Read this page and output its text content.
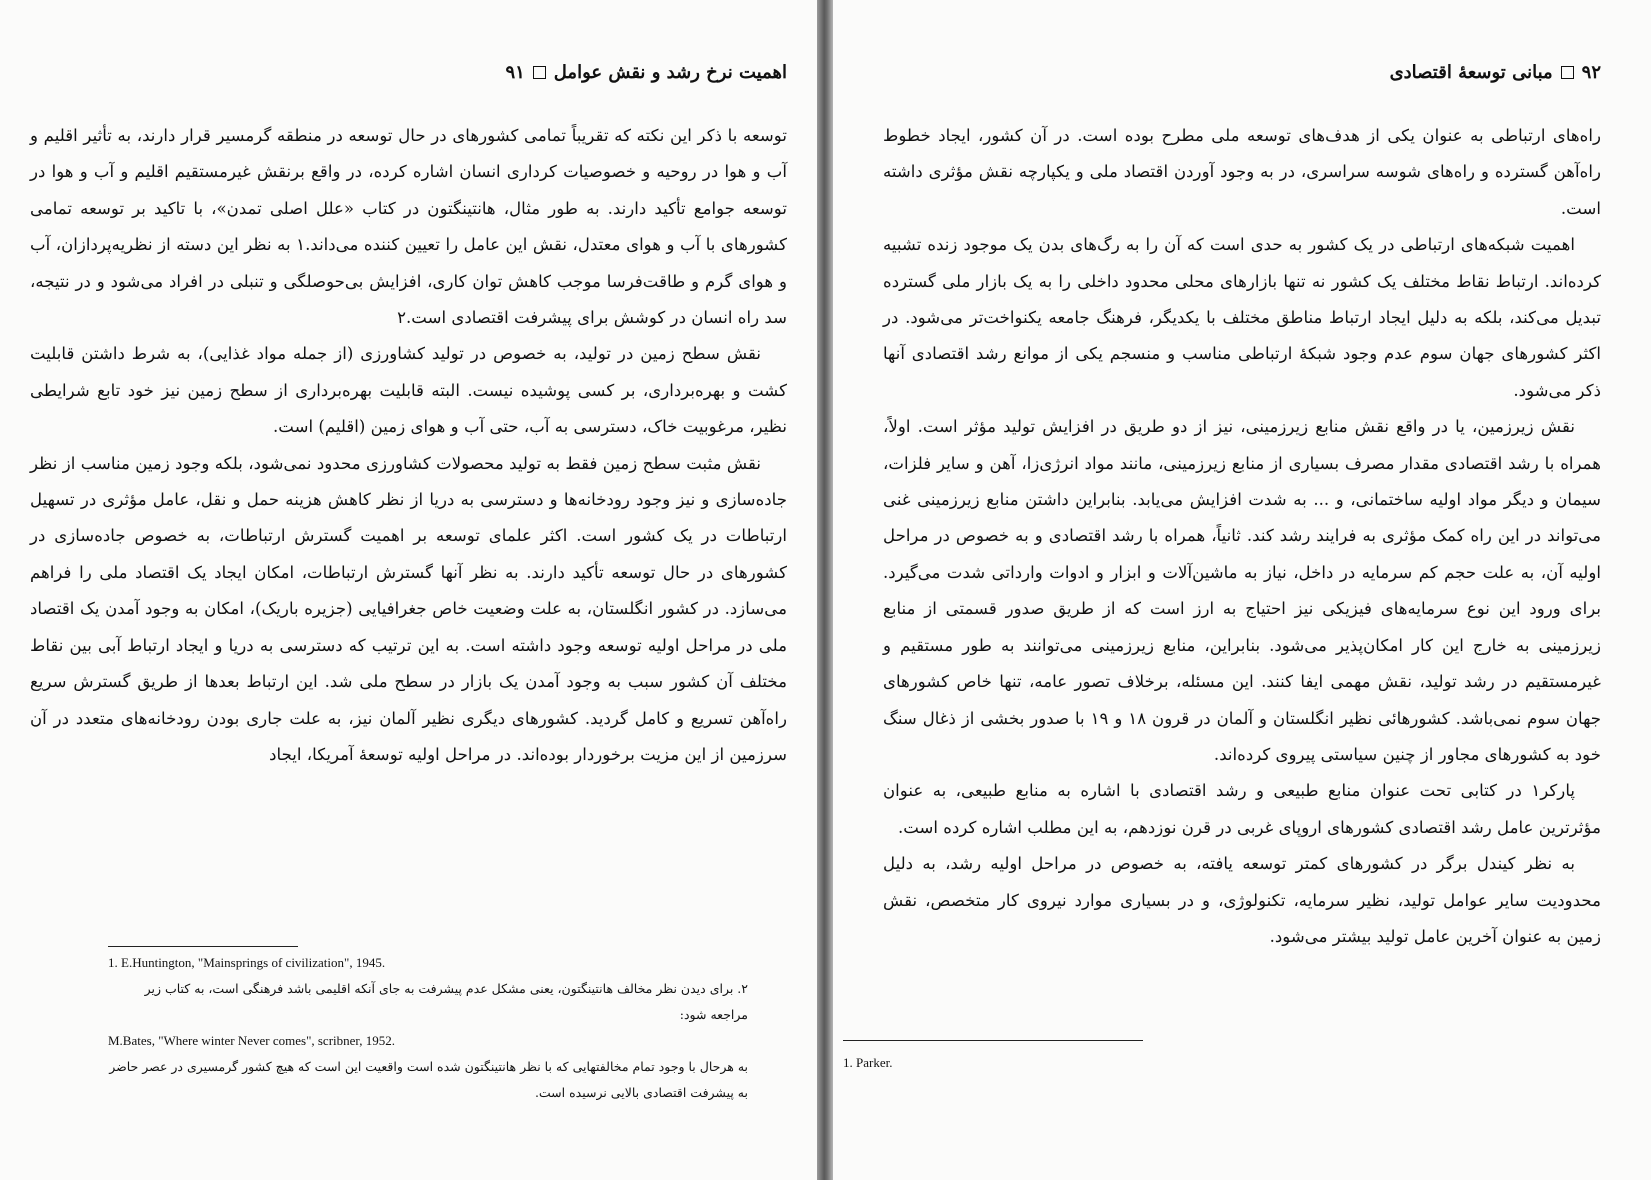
اهمیت نرخ رشد و نقش عوامل
۹۱

توسعه با ذکر این نکته که تقریباً تمامی کشورهای در حال توسعه در منطقه گرمسیر قرار دارند، به تأثیر اقلیم و آب و هوا در روحیه و خصوصیات کرداری انسان اشاره کرده، در واقع برنقش غیرمستقیم اقلیم و آب و هوا در توسعه جوامع تأکید دارند. به طور مثال، هانتینگتون در کتاب «علل اصلی تمدن»، با تاکید بر توسعه تمامی کشورهای با آب و هوای معتدل، نقش این عامل را تعیین کننده می‌داند.۱ به نظر این دسته از نظریه‌پردازان، آب و هوای گرم و طاقت‌فرسا موجب کاهش توان کاری، افزایش بی‌حوصلگی و تنبلی در افراد می‌شود و در نتیجه، سد راه انسان در کوشش برای پیشرفت اقتصادی است.۲

نقش سطح زمین در تولید، به خصوص در تولید کشاورزی (از جمله مواد غذایی)، به شرط داشتن قابلیت کشت و بهره‌برداری، بر کسی پوشیده نیست. البته قابلیت بهره‌برداری از سطح زمین نیز خود تابع شرایطی نظیر، مرغوبیت خاک، دسترسی به آب، حتی آب و هوای زمین (اقلیم) است.

نقش مثبت سطح زمین فقط به تولید محصولات کشاورزی محدود نمی‌شود، بلکه وجود زمین مناسب از نظر جاده‌سازی و نیز وجود رودخانه‌ها و دسترسی به دریا از نظر کاهش هزینه حمل و نقل، عامل مؤثری در تسهیل ارتباطات در یک کشور است. اکثر علمای توسعه بر اهمیت گسترش ارتباطات، به خصوص جاده‌سازی در کشورهای در حال توسعه تأکید دارند. به نظر آنها گسترش ارتباطات، امکان ایجاد یک اقتصاد ملی را فراهم می‌سازد. در کشور انگلستان، به علت وضعیت خاص جغرافیایی (جزیره باریک)، امکان به وجود آمدن یک اقتصاد ملی در مراحل اولیه توسعه وجود داشته است. به این ترتیب که دسترسی به دریا و ایجاد ارتباط آبی بین نقاط مختلف آن کشور سبب به وجود آمدن یک بازار در سطح ملی شد. این ارتباط بعدها از طریق گسترش سریع راه‌آهن تسریع و کامل گردید. کشورهای دیگری نظیر آلمان نیز، به علت جاری بودن رودخانه‌های متعدد در آن سرزمین از این مزیت برخوردار بوده‌اند. در مراحل اولیه توسعهٔ آمریکا، ایجاد

1. E.Huntington, "Mainsprings of civilization", 1945.

۲. برای دیدن نظر مخالف هانتینگتون، یعنی مشکل عدم پیشرفت به جای آنکه اقلیمی باشد فرهنگی است، به کتاب زیر مراجعه شود:

M.Bates, "Where winter Never comes", scribner, 1952.

به هرحال با وجود تمام مخالفتهایی که با نظر هانتینگتون شده است واقعیت این است که هیچ کشور گرمسیری در عصر حاضر به پیشرفت اقتصادی بالایی نرسیده است.

۹۲
مبانی توسعهٔ اقتصادی

راه‌های ارتباطی به عنوان یکی از هدف‌های توسعه ملی مطرح بوده است. در آن کشور، ایجاد خطوط راه‌آهن گسترده و راه‌های شوسه سراسری، در به وجود آوردن اقتصاد ملی و یکپارچه نقش مؤثری داشته است.

اهمیت شبکه‌های ارتباطی در یک کشور به حدی است که آن را به رگ‌های بدن یک موجود زنده تشبیه کرده‌اند. ارتباط نقاط مختلف یک کشور نه تنها بازارهای محلی محدود داخلی را به یک بازار ملی گسترده تبدیل می‌کند، بلکه به دلیل ایجاد ارتباط مناطق مختلف با یکدیگر، فرهنگ جامعه یکنواخت‌تر می‌شود. در اکثر کشورهای جهان سوم عدم وجود شبکهٔ ارتباطی مناسب و منسجم یکی از موانع رشد اقتصادی آنها ذکر می‌شود.

نقش زیرزمین، یا در واقع نقش منابع زیرزمینی، نیز از دو طریق در افزایش تولید مؤثر است. اولاً، همراه با رشد اقتصادی مقدار مصرف بسیاری از منابع زیرزمینی، مانند مواد انرژی‌زا، آهن و سایر فلزات، سیمان و دیگر مواد اولیه ساختمانی، و ... به شدت افزایش می‌یابد. بنابراین داشتن منابع زیرزمینی غنی می‌تواند در این راه کمک مؤثری به فرایند رشد کند. ثانیاً، همراه با رشد اقتصادی و به خصوص در مراحل اولیه آن، به علت حجم کم سرمایه در داخل، نیاز به ماشین‌آلات و ابزار و ادوات وارداتی شدت می‌گیرد. برای ورود این نوع سرمایه‌های فیزیکی نیز احتیاج به ارز است که از طریق صدور قسمتی از منابع زیرزمینی به خارج این کار امکان‌پذیر می‌شود. بنابراین، منابع زیرزمینی می‌توانند به طور مستقیم و غیرمستقیم در رشد تولید، نقش مهمی ایفا کنند. این مسئله، برخلاف تصور عامه، تنها خاص کشورهای جهان سوم نمی‌باشد. کشورهائی نظیر انگلستان و آلمان در قرون ۱۸ و ۱۹ با صدور بخشی از ذغال سنگ خود به کشورهای مجاور از چنین سیاستی پیروی کرده‌اند.

پارکر۱ در کتابی تحت عنوان منابع طبیعی و رشد اقتصادی با اشاره به منابع طبیعی، به عنوان مؤثرترین عامل رشد اقتصادی کشورهای اروپای غربی در قرن نوزدهم، به این مطلب اشاره کرده است.

به نظر کیندل برگر در کشورهای کمتر توسعه یافته، به خصوص در مراحل اولیه رشد، به دلیل محدودیت سایر عوامل تولید، نظیر سرمایه، تکنولوژی، و در بسیاری موارد نیروی کار متخصص، نقش زمین به عنوان آخرین عامل تولید بیشتر می‌شود.

1. Parker.
